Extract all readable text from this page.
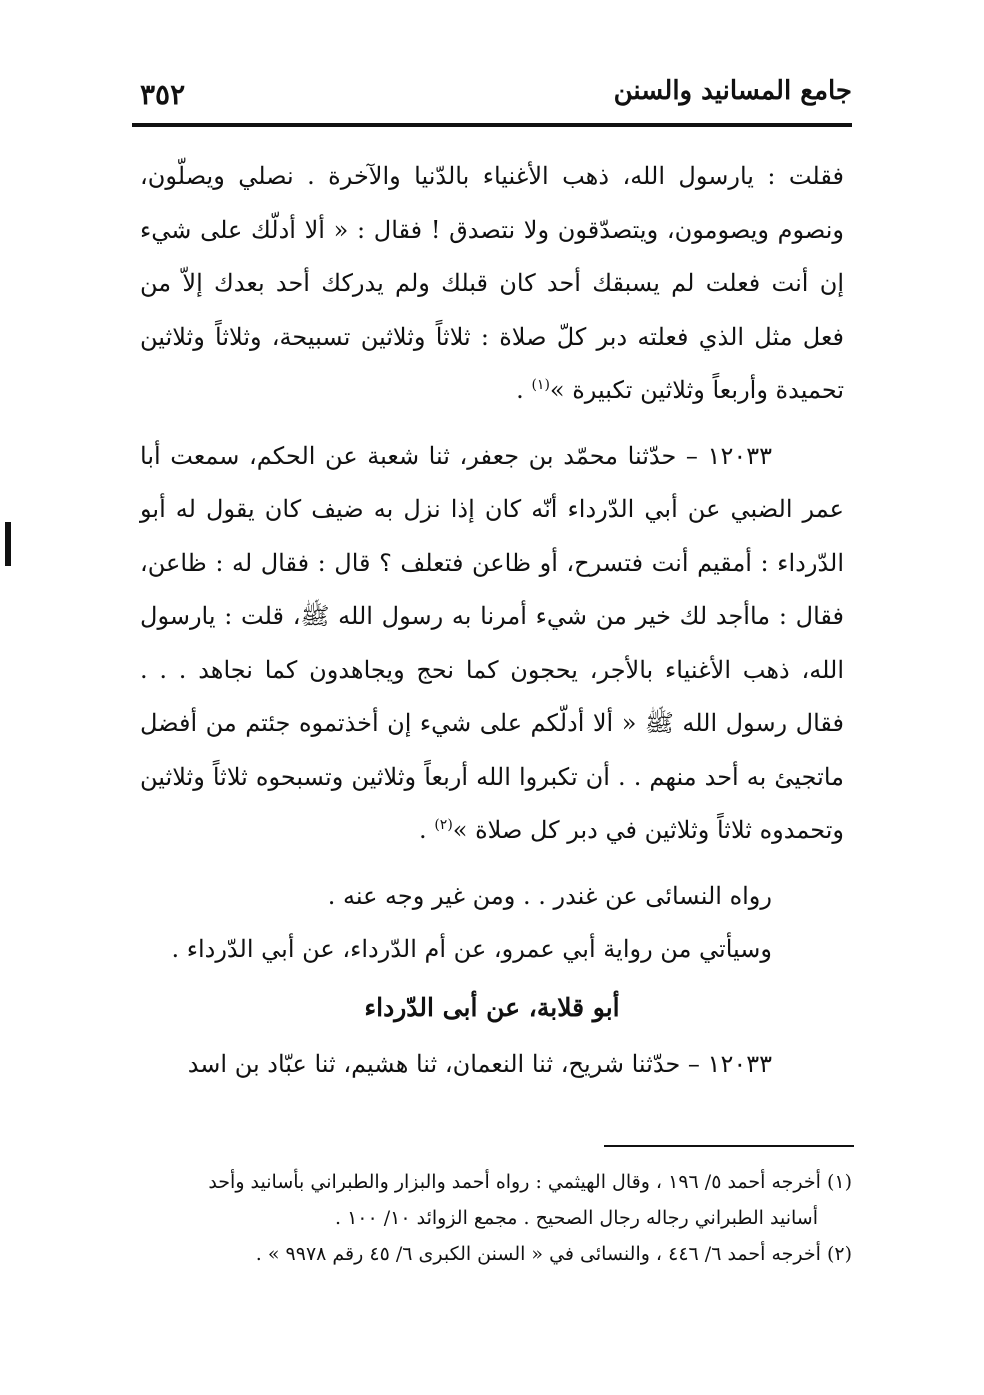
جامع المسانيد والسنن
٣٥٢

فقلت : يارسول الله، ذهب الأغنياء بالدّنيا والآخرة . نصلي ويصلّون، ونصوم ويصومون، ويتصدّقون ولا نتصدق ! فقال : « ألا أدلّك على شيء إن أنت فعلت لم يسبقك أحد كان قبلك ولم يدركك أحد بعدك إلاّ من فعل مثل الذي فعلته دبر كلّ صلاة : ثلاثاً وثلاثين تسبيحة، وثلاثاً وثلاثين تحميدة وأربعاً وثلاثين تكبيرة »$^{(١)}$ .

١٢٠٣٣ – حدّثنا محمّد بن جعفر، ثنا شعبة عن الحكم، سمعت أبا عمر الضبي عن أبي الدّرداء أنّه كان إذا نزل به ضيف كان يقول له أبو الدّرداء : أمقيم أنت فتسرح، أو ظاعن فتعلف ؟ قال : فقال له : ظاعن، فقال : ماأجد لك خير من شيء أمرنا به رسول الله ﷺ، قلت : يارسول الله، ذهب الأغنياء بالأجر، يحجون كما نحج ويجاهدون كما نجاهد . . . فقال رسول الله ﷺ « ألا أدلّكم على شيء إن أخذتموه جئتم من أفضل ماتجيئ به أحد منهم . . أن تكبروا الله أربعاً وثلاثين وتسبحوه ثلاثاً وثلاثين وتحمدوه ثلاثاً وثلاثين في دبر كل صلاة »$^{(٢)}$ .

رواه النسائى عن غندر . . ومن غير وجه عنه .

وسيأتي من رواية أبي عمرو، عن أم الدّرداء، عن أبي الدّرداء .

أبو قلابة، عن أبى الدّرداء

١٢٠٣٣ – حدّثنا شريح، ثنا النعمان، ثنا هشيم، ثنا عبّاد بن اسد

(١) أخرجه أحمد ٥/ ١٩٦ ، وقال الهيثمي : رواه أحمد والبزار والطبراني بأسانيد وأحد

أسانيد الطبراني رجاله رجال الصحيح . مجمع الزوائد ١٠/ ١٠٠ .

(٢) أخرجه أحمد ٦/ ٤٤٦ ، والنسائى في « السنن الكبرى ٦/ ٤٥ رقم ٩٩٧٨ » .
